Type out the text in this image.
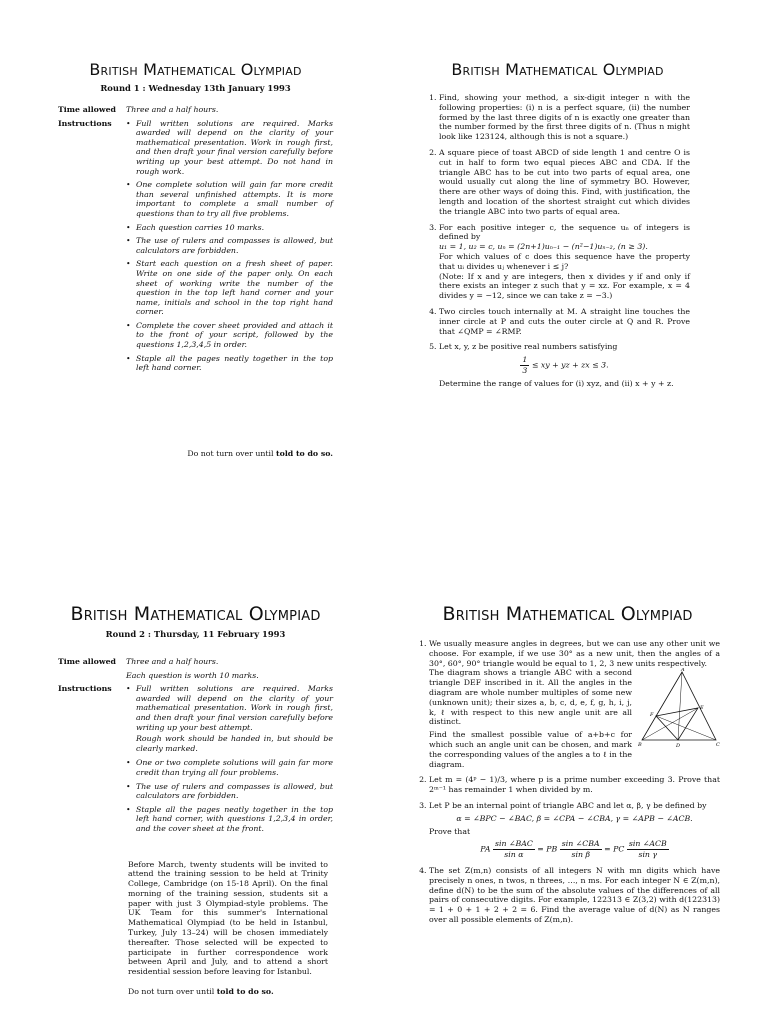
British Mathematical Olympiad
Round 1 : Wednesday 13th January 1993
Time allowed	Three and a half hours.
Instructions	• Full written solutions are required. Marks awarded will depend on the clarity of your mathematical presentation. Work in rough first, and then draft your final version carefully before writing up your best attempt. Do not hand in rough work.
• One complete solution will gain far more credit than several unfinished attempts. It is more important to complete a small number of questions than to try all five problems.
• Each question carries 10 marks.
• The use of rulers and compasses is allowed, but calculators are forbidden.
• Start each question on a fresh sheet of paper. Write on one side of the paper only. On each sheet of working write the number of the question in the top left hand corner and your name, initials and school in the top right hand corner.
• Complete the cover sheet provided and attach it to the front of your script, followed by the questions 1,2,3,4,5 in order.
• Staple all the pages neatly together in the top left hand corner.
Do not turn over until told to do so.
British Mathematical Olympiad
1. Find, showing your method, a six-digit integer n with the following properties: (i) n is a perfect square, (ii) the number formed by the last three digits of n is exactly one greater than the number formed by the first three digits of n. (Thus n might look like 123124, although this is not a square.)
2. A square piece of toast ABCD of side length 1 and centre O is cut in half to form two equal pieces ABC and CDA. If the triangle ABC has to be cut into two parts of equal area, one would usually cut along the line of symmetry BO. However, there are other ways of doing this. Find, with justification, the length and location of the shortest straight cut which divides the triangle ABC into two parts of equal area.
3. For each positive integer c, the sequence uₙ of integers is defined by
u₁ = 1, u₂ = c, uₙ = (2n+1)uₙ₋₁ − (n²−1)uₙ₋₂, (n ≥ 3).
For which values of c does this sequence have the property that uᵢ divides uⱼ whenever i ≤ j?
(Note: If x and y are integers, then x divides y if and only if there exists an integer z such that y = xz. For example, x = 4 divides y = −12, since we can take z = −3.)
4. Two circles touch internally at M. A straight line touches the inner circle at P and cuts the outer circle at Q and R. Prove that ∠QMP = ∠RMP.
5. Let x, y, z be positive real numbers satisfying
$\frac{1}{3}$ ≤ xy + yz + zx ≤ 3.
Determine the range of values for (i) xyz, and (ii) x + y + z.
British Mathematical Olympiad
Round 2 : Thursday, 11 February 1993
Time allowed	Three and a half hours.
Each question is worth 10 marks.
Instructions	• Full written solutions are required. Marks awarded will depend on the clarity of your mathematical presentation. Work in rough first, and then draft your final version carefully before writing up your best attempt.
Rough work should be handed in, but should be clearly marked.
• One or two complete solutions will gain far more credit than trying all four problems.
• The use of rulers and compasses is allowed, but calculators are forbidden.
• Staple all the pages neatly together in the top left hand corner, with questions 1,2,3,4 in order, and the cover sheet at the front.
Before March, twenty students will be invited to attend the training session to be held at Trinity College, Cambridge (on 15-18 April). On the final morning of the training session, students sit a paper with just 3 Olympiad-style problems. The UK Team for this summer's International Mathematical Olympiad (to be held in Istanbul, Turkey, July 13–24) will be chosen immediately thereafter. Those selected will be expected to participate in further correspondence work between April and July, and to attend a short residential session before leaving for Istanbul.
Do not turn over until told to do so.
British Mathematical Olympiad
1. We usually measure angles in degrees, but we can use any other unit we choose. For example, if we use 30° as a new unit, then the angles of a 30°, 60°, 90° triangle would be equal to 1, 2, 3 new units respectively.
The diagram shows a triangle ABC with a second triangle DEF inscribed in it. All the angles in the diagram are whole number multiples of some new (unknown unit); their sizes a, b, c, d, e, f, g, h, i, j, k, ℓ with respect to this new angle unit are all distinct.
Find the smallest possible value of a+b+c for which such an angle unit can be chosen, and mark the corresponding values of the angles a to ℓ in the diagram.
A
B	C
D
E
F
2. Let m = (4ᵖ − 1)/3, where p is a prime number exceeding 3. Prove that 2ᵐ⁻¹ has remainder 1 when divided by m.
3. Let P be an internal point of triangle ABC and let α, β, γ be defined by
α = ∠BPC − ∠BAC, β = ∠CPA − ∠CBA, γ = ∠APB − ∠ACB.
Prove that
PA $\frac{\text{sin ∠BAC}}{\text{sin α}}$ = PB $\frac{\text{sin ∠CBA}}{\text{sin β}}$ = PC $\frac{\text{sin ∠ACB}}{\text{sin γ}}$
4. The set Z(m,n) consists of all integers N with mn digits which have precisely n ones, n twos, n threes, …, n ms. For each integer N ∈ Z(m,n), define d(N) to be the sum of the absolute values of the differences of all pairs of consecutive digits. For example, 122313 ∈ Z(3,2) with d(122313) = 1 + 0 + 1 + 2 + 2 = 6. Find the average value of d(N) as N ranges over all possible elements of Z(m,n).
